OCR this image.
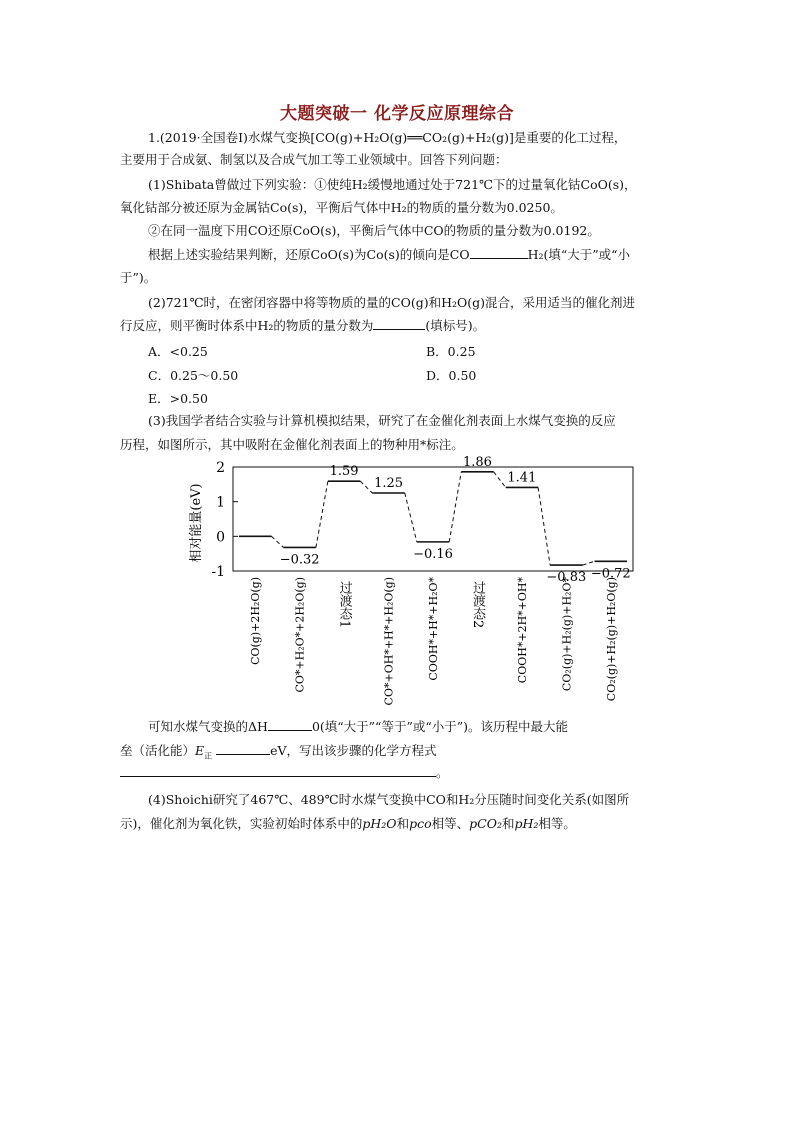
大题突破一 化学反应原理综合
1.(2019·全国卷Ⅰ)水煤气变换[CO(g)+H₂O(g)══CO₂(g)+H₂(g)]是重要的化工过程，
主要用于合成氨、制氢以及合成气加工等工业领域中。回答下列问题：
(1)Shibata曾做过下列实验：①使纯H₂缓慢地通过处于721℃下的过量氧化钴CoO(s)，
氧化钴部分被还原为金属钴Co(s)，平衡后气体中H₂的物质的量分数为0.0250。
②在同一温度下用CO还原CoO(s)，平衡后气体中CO的物质的量分数为0.0192。
根据上述实验结果判断，还原CoO(s)为Co(s)的倾向是CO	H₂(填“大于”或“小
于”)。
(2)721℃时，在密闭容器中将等物质的量的CO(g)和H₂O(g)混合，采用适当的催化剂进
行反应，则平衡时体系中H₂的物质的量分数为	(填标号)。
A．<0.25	B．0.25
C．0.25～0.50	D．0.50
E．>0.50
(3)我国学者结合实验与计算机模拟结果，研究了在金催化剂表面上水煤气变换的反应
历程，如图所示，其中吸附在金催化剂表面上的物种用*标注。
2
1
0
-1
−0.32
1.59
1.25
−0.16
1.86
1.41
−0.83 −0.72
CO(g)+2H₂O(g)	CO*+H₂O*+2H₂O(g) 过渡态1	CO*+OH*+H*+H₂O(g)	COOH*+H*+H₂O* 过渡态2	COOH*+2H*+OH*	CO₂(g)+H₂(g)+H₂O*	CO₂(g)+H₂(g)+H₂O(g)
相对能量(eV)
可知水煤气变换的ΔH	0(填“大于”“等于”或“小于”)。该历程中最大能
垒（活化能）$E_正$	eV，写出该步骤的化学方程式
。
(4)Shoichi研究了467℃、489℃时水煤气变换中CO和H₂分压随时间变化关系(如图所
示)，催化剂为氧化铁，实验初始时体系中的pH₂O和pco相等、pCO₂和pH₂相等。
